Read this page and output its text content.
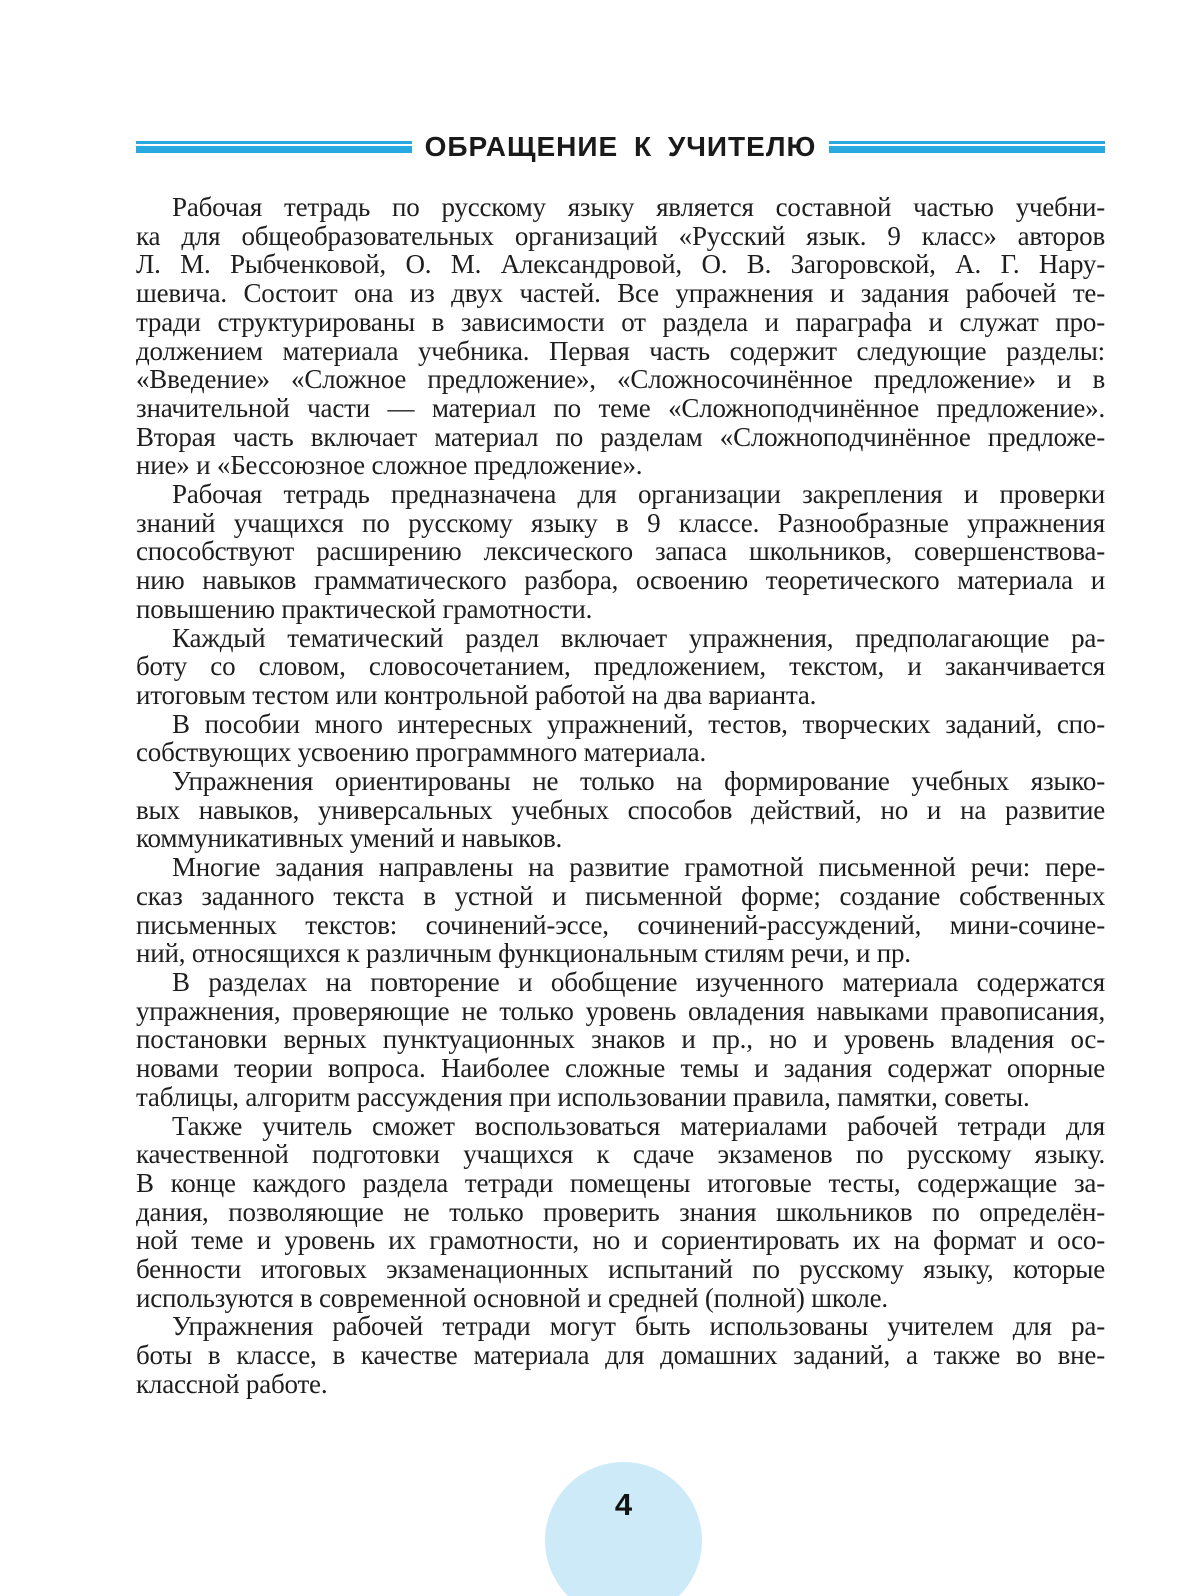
ОБРАЩЕНИЕ К УЧИТЕЛЮ
Рабочая тетрадь по русскому языку является составной частью учебни-
ка для общеобразовательных организаций «Русский язык. 9 класс» авторов
Л. М. Рыбченковой, О. М. Александровой, О. В. Загоровской, А. Г. Нару-
шевича. Состоит она из двух частей. Все упражнения и задания рабочей те-
тради структурированы в зависимости от раздела и параграфа и служат про-
должением материала учебника. Первая часть содержит следующие разделы:
«Введение» «Сложное предложение», «Сложносочинённое предложение» и в
значительной части — материал по теме «Сложноподчинённое предложение».
Вторая часть включает материал по разделам «Сложноподчинённое предложе-
ние» и «Бессоюзное сложное предложение».
Рабочая тетрадь предназначена для организации закрепления и проверки
знаний учащихся по русскому языку в 9 классе. Разнообразные упражнения
способствуют расширению лексического запаса школьников, совершенствова-
нию навыков грамматического разбора, освоению теоретического материала и
повышению практической грамотности.
Каждый тематический раздел включает упражнения, предполагающие ра-
боту со словом, словосочетанием, предложением, текстом, и заканчивается
итоговым тестом или контрольной работой на два варианта.
В пособии много интересных упражнений, тестов, творческих заданий, спо-
собствующих усвоению программного материала.
Упражнения ориентированы не только на формирование учебных языко-
вых навыков, универсальных учебных способов действий, но и на развитие
коммуникативных умений и навыков.
Многие задания направлены на развитие грамотной письменной речи: пере-
сказ заданного текста в устной и письменной форме; создание собственных
письменных текстов: сочинений-эссе, сочинений-рассуждений, мини-сочине-
ний, относящихся к различным функциональным стилям речи, и пр.
В разделах на повторение и обобщение изученного материала содержатся
упражнения, проверяющие не только уровень овладения навыками правописания,
постановки верных пунктуационных знаков и пр., но и уровень владения ос-
новами теории вопроса. Наиболее сложные темы и задания содержат опорные
таблицы, алгоритм рассуждения при использовании правила, памятки, советы.
Также учитель сможет воспользоваться материалами рабочей тетради для
качественной подготовки учащихся к сдаче экзаменов по русскому языку.
В конце каждого раздела тетради помещены итоговые тесты, содержащие за-
дания, позволяющие не только проверить знания школьников по определён-
ной теме и уровень их грамотности, но и сориентировать их на формат и осо-
бенности итоговых экзаменационных испытаний по русскому языку, которые
используются в современной основной и средней (полной) школе.
Упражнения рабочей тетради могут быть использованы учителем для ра-
боты в классе, в качестве материала для домашних заданий, а также во вне-
классной работе.
4
